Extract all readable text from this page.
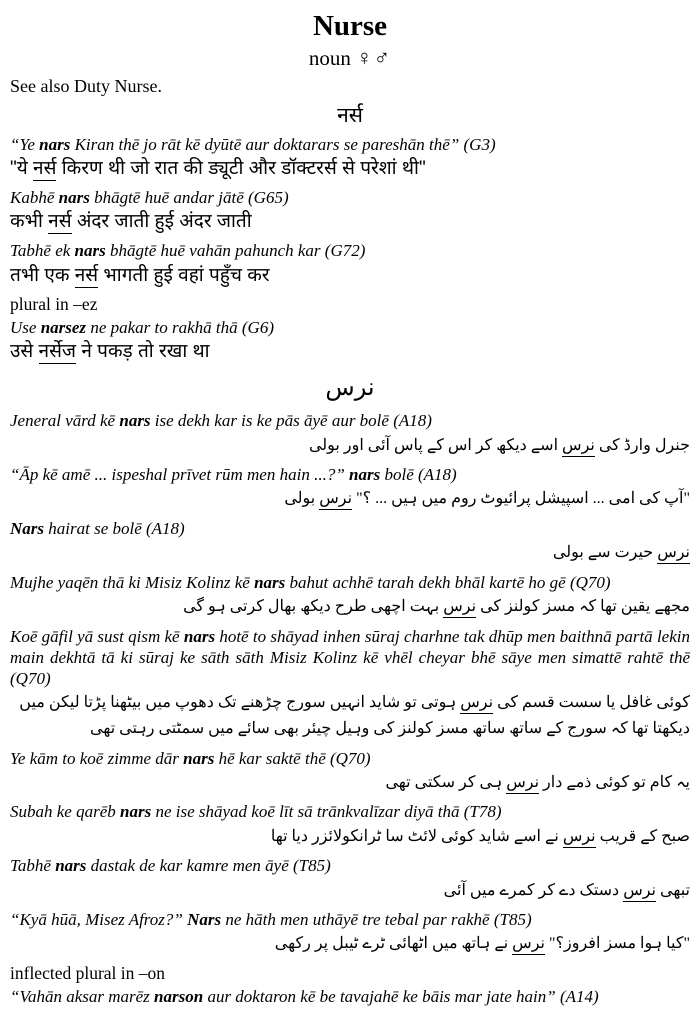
Nurse
noun ♀♂

See also Duty Nurse.

नर्स

“Ye nars Kiran thē jo rāt kē dyūtē aur doktarars se pareshān thē” (G3)

"ये नर्स किरण थी जो रात की ड्यूटी और डॉक्टरर्स से परेशां थी"

Kabhē nars bhāgtē huē andar jātē (G65)

कभी नर्स अंदर जाती हुई अंदर जाती

Tabhē ek nars bhāgtē huē vahān pahunch kar (G72)

तभी एक नर्स भागती हुई वहां पहुँच कर

plural in –ez

Use narsez ne pakar to rakhā thā (G6)

उसे नर्सेज ने पकड़ तो रखा था

نرس

Jeneral vārd kē nars ise dekh kar is ke pās āyē aur bolē (A18)

جنرل وارڈ کی نرس اسے دیکھ کر اس کے پاس آئی اور بولی

“Āp kē amē ... ispeshal prīvet rūm men hain ...?” nars bolē (A18)

"آپ کی امی ... اسپیشل پرائیوٹ روم میں ہیں ... ؟" نرس بولی

Nars hairat se bolē (A18)

نرس حیرت سے بولی

Mujhe yaqēn thā ki Misiz Kolinz kē nars bahut achhē tarah dekh bhāl kartē ho gē (Q70)

مجھے یقین تھا کہ مسز کولنز کی نرس بہت اچھی طرح دیکھ بھال کرتی ہو گی

Koē gāfil yā sust qism kē nars hotē to shāyad inhen sūraj charhne tak dhūp men baithnā partā lekin main dekhtā tā ki sūraj ke sāth sāth Misiz Kolinz kē vhēl cheyar bhē sāye men simattē rahtē thē (Q70)

کوئی غافل یا سست قسم کی نرس ہوتی تو شاید انہیں سورج چڑھنے تک دھوپ میں بیٹھنا پڑتا لیکن میں دیکھتا تھا کہ سورج کے ساتھ ساتھ مسز کولنز کی وہیل چیئر بھی سائے میں سمٹتی رہتی تھی

Ye kām to koē zimme dār nars hē kar saktē thē (Q70)

یہ کام تو کوئی ذمے دار نرس ہی کر سکتی تھی

Subah ke qarēb nars ne ise shāyad koē līt sā trānkvalīzar diyā thā (T78)

صبح کے قریب نرس نے اسے شاید کوئی لائٹ سا ٹرانکولائزر دیا تھا

Tabhē nars dastak de kar kamre men āyē (T85)

تبھی نرس دستک دے کر کمرے میں آئی

“Kyā hūā, Misez Afroz?” Nars ne hāth men uthāyē tre tebal par rakhē (T85)

"کیا ہوا مسز افروز؟" نرس نے ہاتھ میں اٹھائی ٹرے ٹیبل پر رکھی

inflected plural in –on

“Vahān aksar marēz narson aur doktaron kē be tavajahē ke bāis mar jate hain” (A14)
